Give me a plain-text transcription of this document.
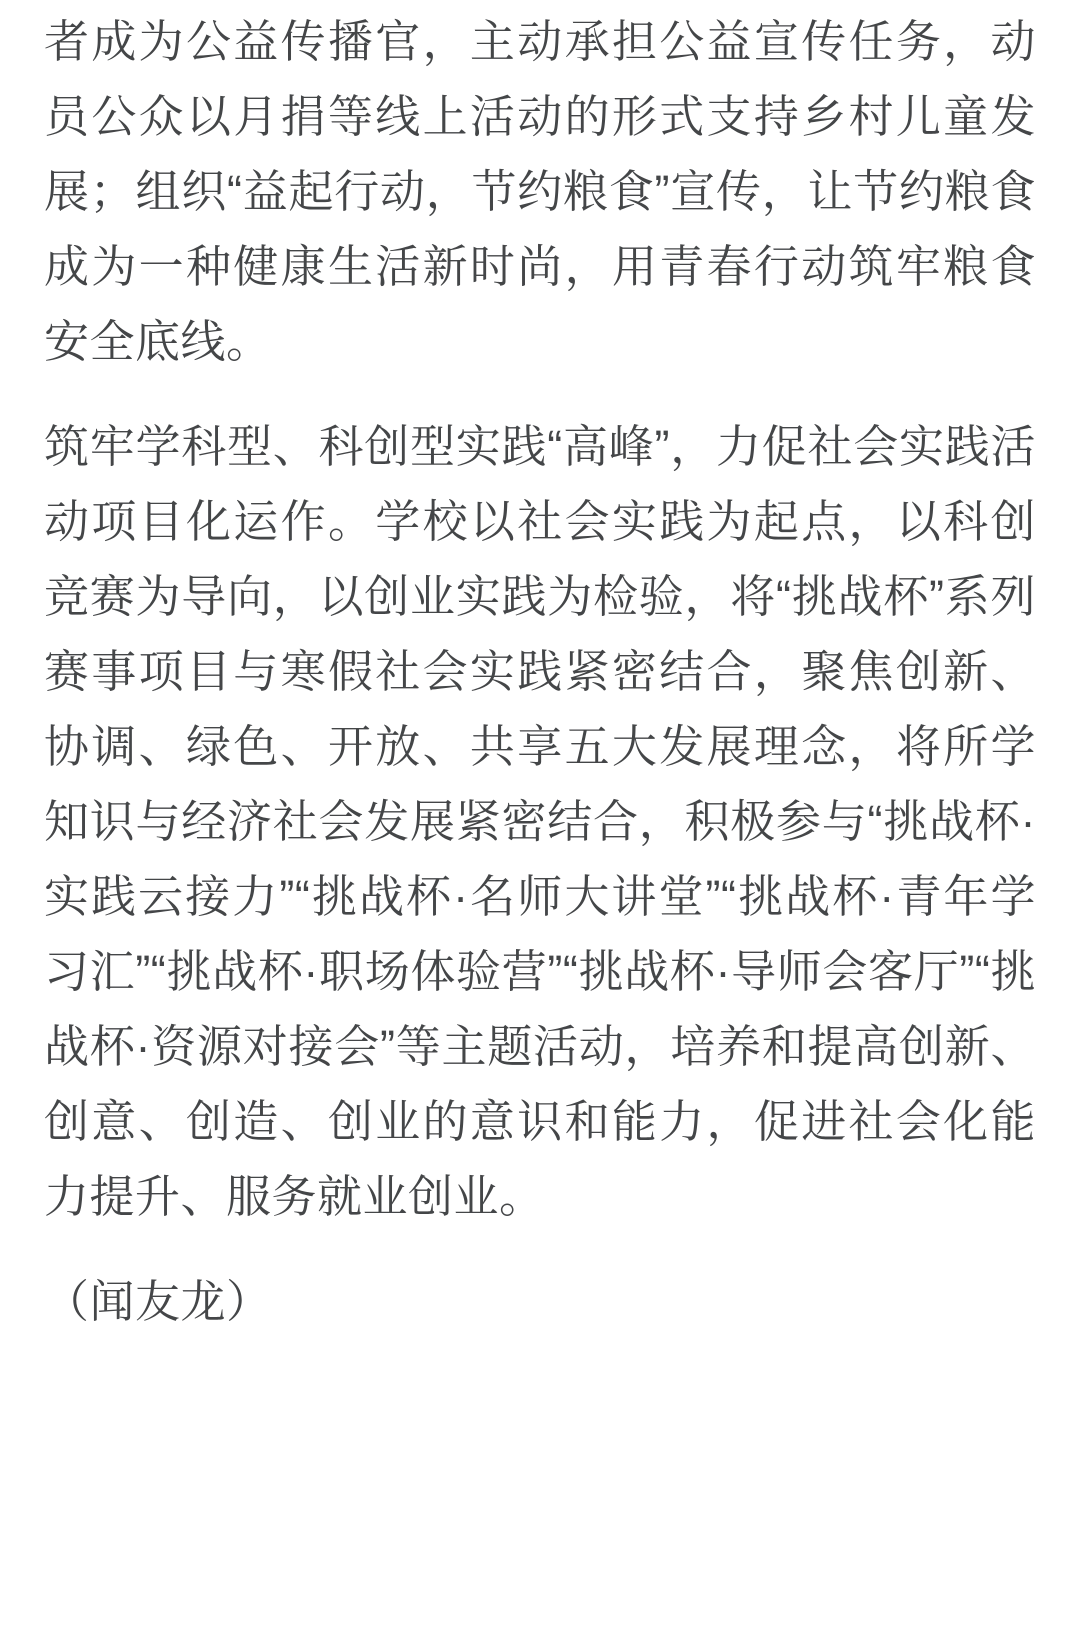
者成为公益传播官，主动承担公益宣传任务，动员公众以月捐等线上活动的形式支持乡村儿童发展；组织“益起行动，节约粮食”宣传，让节约粮食成为一种健康生活新时尚，用青春行动筑牢粮食安全底线。

筑牢学科型、科创型实践“高峰”，力促社会实践活动项目化运作。学校以社会实践为起点，以科创竞赛为导向，以创业实践为检验，将“挑战杯”系列赛事项目与寒假社会实践紧密结合，聚焦创新、协调、绿色、开放、共享五大发展理念，将所学知识与经济社会发展紧密结合，积极参与“挑战杯·实践云接力”“挑战杯·名师大讲堂”“挑战杯·青年学习汇”“挑战杯·职场体验营”“挑战杯·导师会客厅”“挑战杯·资源对接会”等主题活动，培养和提高创新、创意、创造、创业的意识和能力，促进社会化能力提升、服务就业创业。

（闻友龙）
